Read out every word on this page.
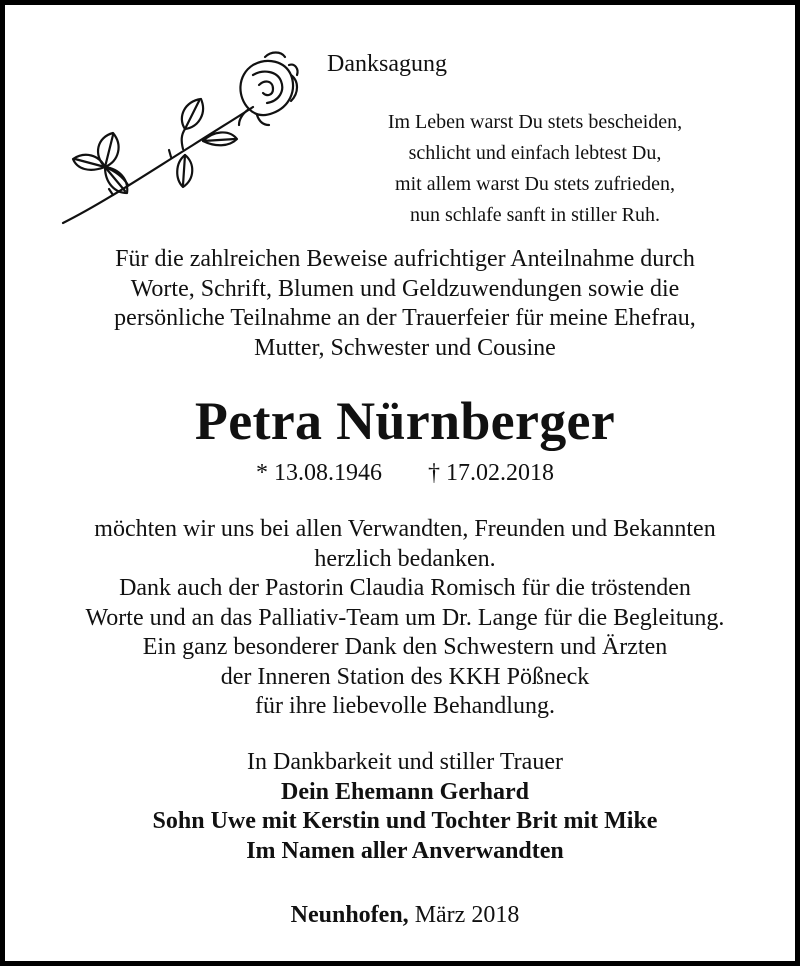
Danksagung
Im Leben warst Du stets bescheiden,
schlicht und einfach lebtest Du,
mit allem warst Du stets zufrieden,
nun schlafe sanft in stiller Ruh.
Für die zahlreichen Beweise aufrichtiger Anteilnahme durch
Worte, Schrift, Blumen und Geldzuwendungen sowie die
persönliche Teilnahme an der Trauerfeier für meine Ehefrau,
Mutter, Schwester und Cousine
Petra Nürnberger
* 13.08.1946 † 17.02.2018
möchten wir uns bei allen Verwandten, Freunden und Bekannten
herzlich bedanken.
Dank auch der Pastorin Claudia Romisch für die tröstenden
Worte und an das Palliativ-Team um Dr. Lange für die Begleitung.
Ein ganz besonderer Dank den Schwestern und Ärzten
der Inneren Station des KKH Pößneck
für ihre liebevolle Behandlung.
In Dankbarkeit und stiller Trauer
Dein Ehemann Gerhard
Sohn Uwe mit Kerstin und Tochter Brit mit Mike
Im Namen aller Anverwandten
Neunhofen, März 2018
